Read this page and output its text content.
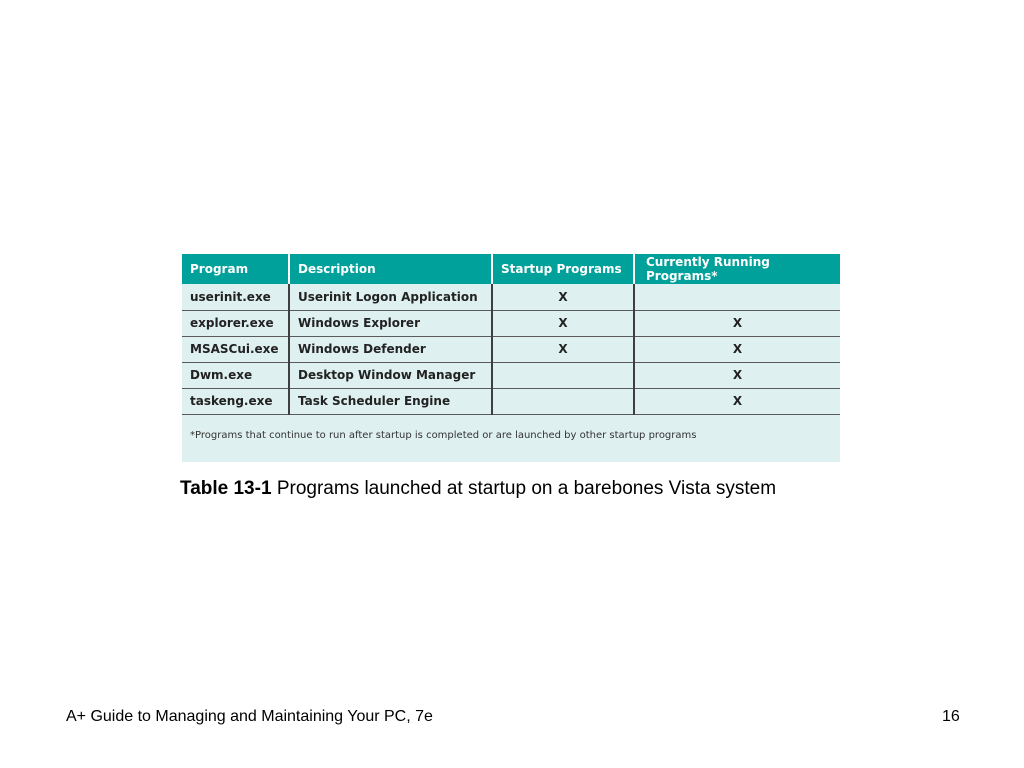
Program	Description	Startup Programs	Currently Running Programs*
userinit.exe	Userinit Logon Application	X	
explorer.exe	Windows Explorer	X	X
MSASCui.exe	Windows Defender	X	X
Dwm.exe	Desktop Window Manager		X
taskeng.exe	Task Scheduler Engine		X
*Programs that continue to run after startup is completed or are launched by other startup programs
Table 13-1 Programs launched at startup on a barebones Vista system
A+ Guide to Managing and Maintaining Your PC, 7e	16
